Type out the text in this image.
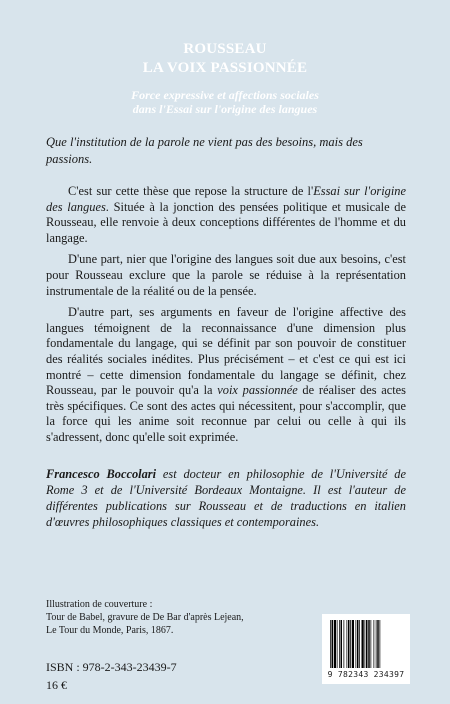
ROUSSEAU
LA VOIX PASSIONNÉE
Force expressive et affections sociales
dans l'Essai sur l'origine des langues
Que l'institution de la parole ne vient pas des besoins, mais des passions.

C'est sur cette thèse que repose la structure de l'Essai sur l'origine des langues. Située à la jonction des pensées politique et musicale de Rousseau, elle renvoie à deux conceptions différentes de l'homme et du langage.

D'une part, nier que l'origine des langues soit due aux besoins, c'est pour Rousseau exclure que la parole se réduise à la représentation instrumentale de la réalité ou de la pensée.

D'autre part, ses arguments en faveur de l'origine affective des langues témoignent de la reconnaissance d'une dimension plus fondamentale du langage, qui se définit par son pouvoir de constituer des réalités sociales inédites. Plus précisément – et c'est ce qui est ici montré – cette dimension fondamentale du langage se définit, chez Rousseau, par le pouvoir qu'a la voix passionnée de réaliser des actes très spécifiques. Ce sont des actes qui nécessitent, pour s'accomplir, que la force qui les anime soit reconnue par celui ou celle à qui ils s'adressent, donc qu'elle soit exprimée.

Francesco Boccolari est docteur en philosophie de l'Université de Rome 3 et de l'Université Bordeaux Montaigne. Il est l'auteur de différentes publications sur Rousseau et de traductions en italien d'œuvres philosophiques classiques et contemporaines.
Illustration de couverture :
Tour de Babel, gravure de De Bar d'après Lejean,
Le Tour du Monde, Paris, 1867.
ISBN : 978-2-343-23439-7
16 €
9 782343 234397
